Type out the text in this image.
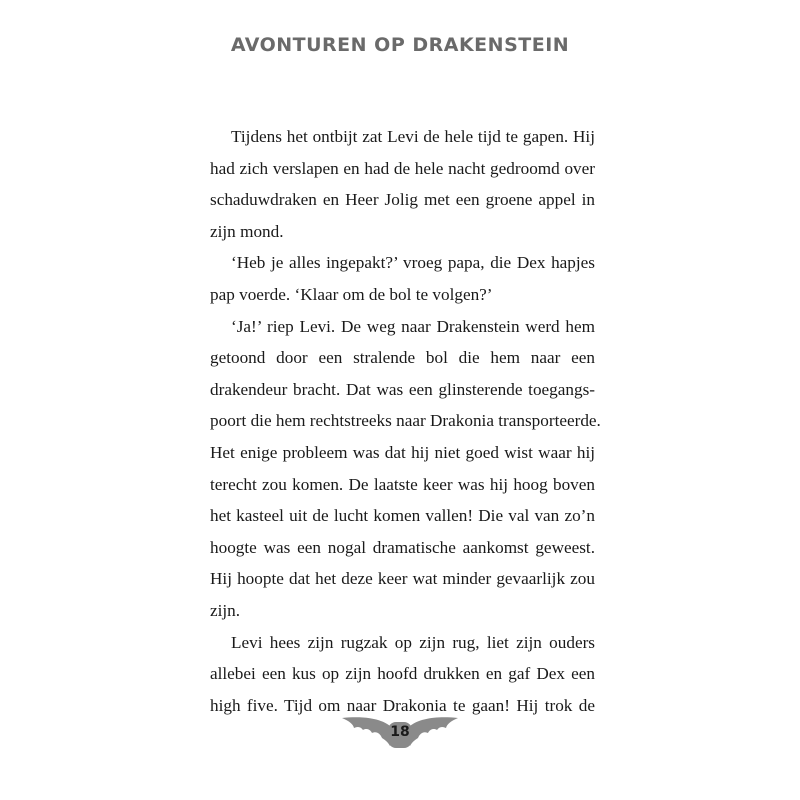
AVONTUREN OP DRAKENSTEIN
Tijdens het ontbijt zat Levi de hele tijd te gapen. Hij
had zich verslapen en had de hele nacht gedroomd over
schaduwdraken en Heer Jolig met een groene appel in
zijn mond.
‘Heb je alles ingepakt?’ vroeg papa, die Dex hapjes
pap voerde. ‘Klaar om de bol te volgen?’
‘Ja!’ riep Levi. De weg naar Drakenstein werd hem
getoond door een stralende bol die hem naar een
drakendeur bracht. Dat was een glinsterende toegangs-
poort die hem rechtstreeks naar Drakonia transporteerde.
Het enige probleem was dat hij niet goed wist waar hij
terecht zou komen. De laatste keer was hij hoog boven
het kasteel uit de lucht komen vallen! Die val van zo’n
hoogte was een nogal dramatische aankomst geweest.
Hij hoopte dat het deze keer wat minder gevaarlijk zou
zijn.
Levi hees zijn rugzak op zijn rug, liet zijn ouders
allebei een kus op zijn hoofd drukken en gaf Dex een
high five. Tijd om naar Drakonia te gaan! Hij trok de
18
